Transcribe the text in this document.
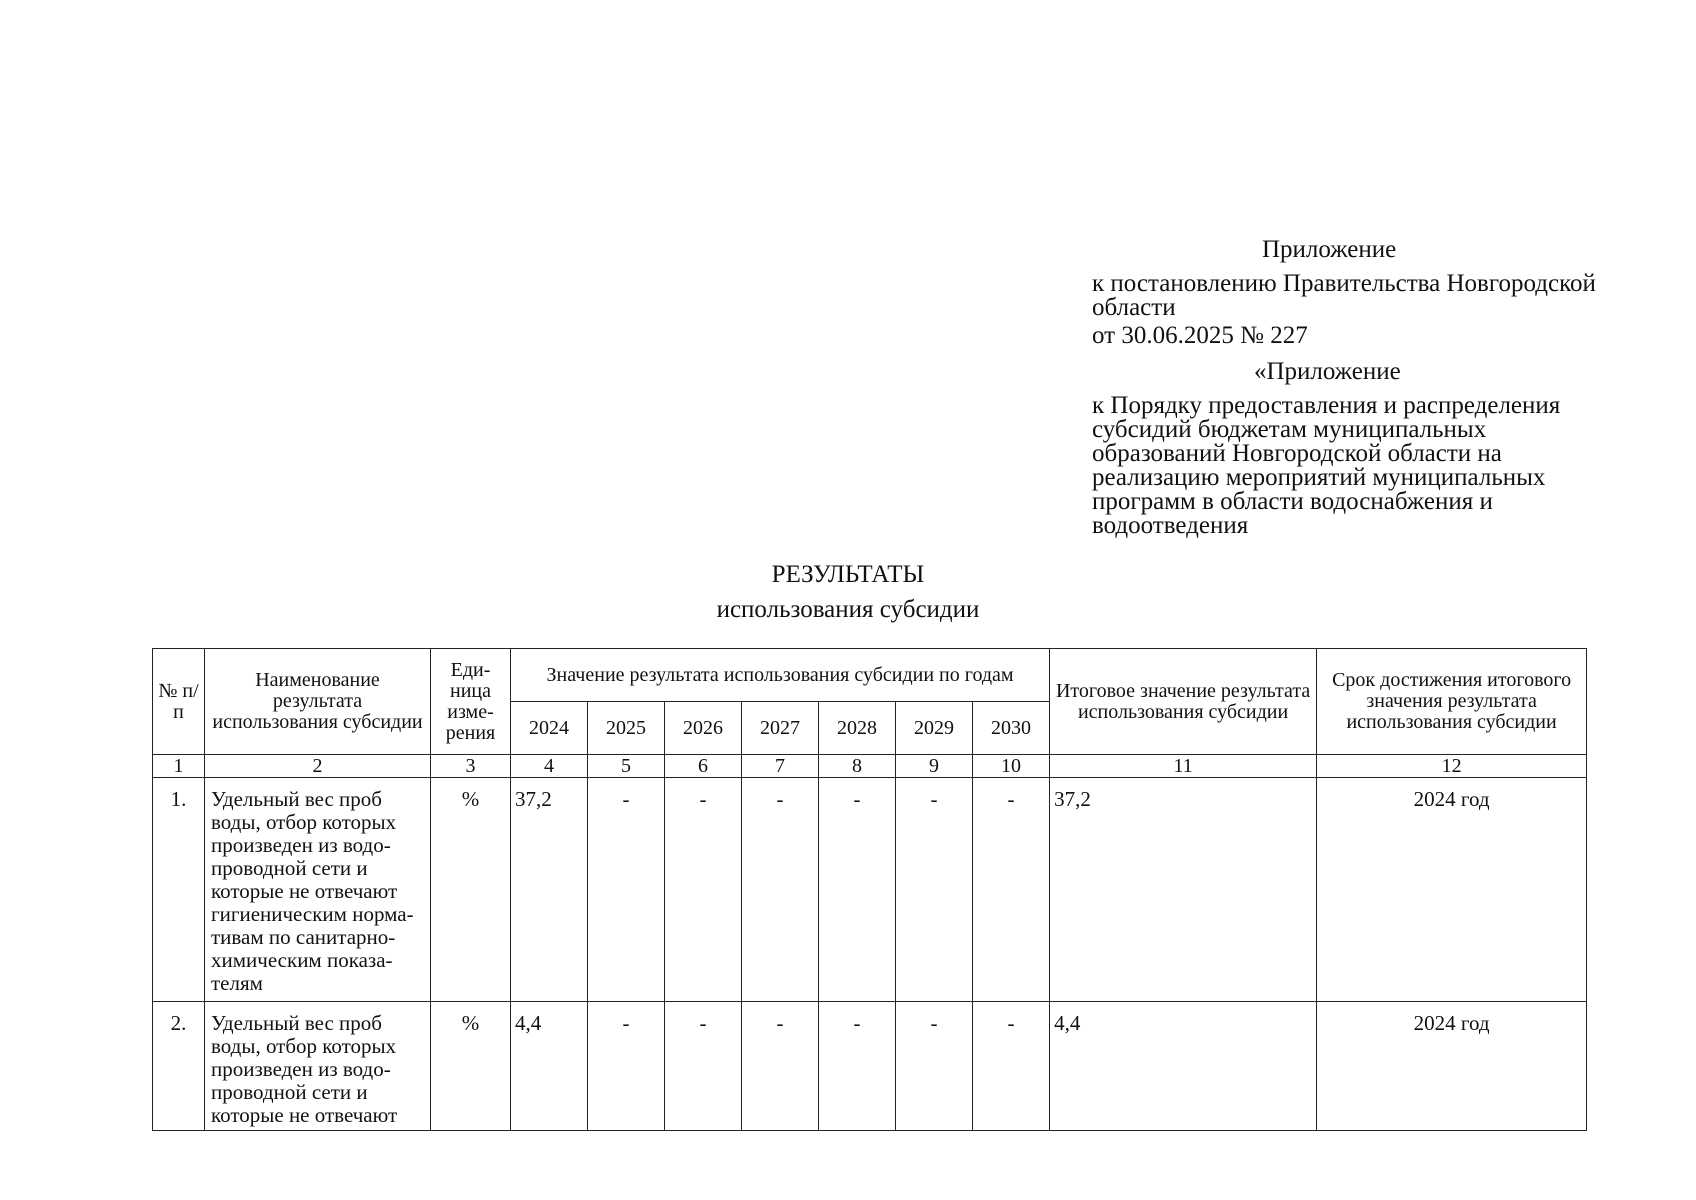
Приложение
к постановлению Правительства Новгородской области
от 30.06.2025 № 227
«Приложение
к Порядку предоставления и распределения субсидий бюджетам муниципальных образований Новгородской области на реализацию мероприятий муниципальных программ в области водоснабжения и водоотведения
РЕЗУЛЬТАТЫ
использования субсидии
№ п/п	Наименование результата использования субсидии	Еди-ница изме-рения	Значение результата использования субсидии по годам							Итоговое значение результата использования субсидии	Срок достижения итогового значения результата использования субсидии
			2024	2025	2026	2027	2028	2029	2030		
1	2	3	4	5	6	7	8	9	10	11	12
1.	Удельный вес проб воды, отбор которых произведен из водо-проводной сети и которые не отвечают гигиеническим норма-тивам по санитарно-химическим показа-телям	%	37,2	-	-	-	-	-	-	37,2	2024 год
2.	Удельный вес проб воды, отбор которых произведен из водо-проводной сети и которые не отвечают	%	4,4	-	-	-	-	-	-	4,4	2024 год
